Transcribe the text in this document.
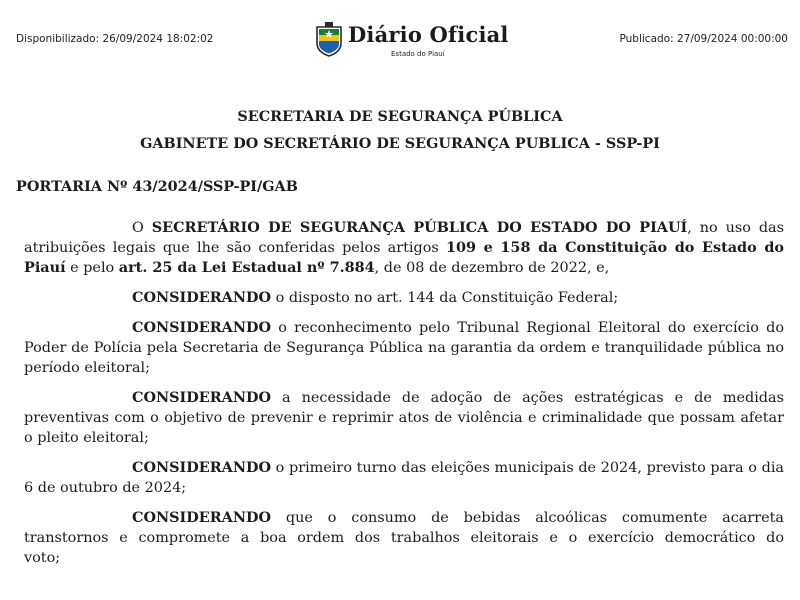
Disponibilizado: 26/09/2024 18:02:02	Diário Oficial
Estado do Piauí
Publicado: 27/09/2024 00:00:00
SECRETARIA DE SEGURANÇA PÚBLICA
GABINETE DO SECRETÁRIO DE SEGURANÇA PUBLICA - SSP-PI
PORTARIA Nº 43/2024/SSP-PI/GAB

O SECRETÁRIO DE SEGURANÇA PÚBLICA DO ESTADO DO PIAUÍ, no uso das atribuições legais que lhe são conferidas pelos artigos 109 e 158 da Constituição do Estado do Piauí e pelo art. 25 da Lei Estadual nº 7.884, de 08 de dezembro de 2022, e,

CONSIDERANDO o disposto no art. 144 da Constituição Federal;

CONSIDERANDO o reconhecimento pelo Tribunal Regional Eleitoral do exercício do Poder de Polícia pela Secretaria de Segurança Pública na garantia da ordem e tranquilidade pública no período eleitoral;

CONSIDERANDO a necessidade de adoção de ações estratégicas e de medidas preventivas com o objetivo de prevenir e reprimir atos de violência e criminalidade que possam afetar o pleito eleitoral;

CONSIDERANDO o primeiro turno das eleições municipais de 2024, previsto para o dia 6 de outubro de 2024;

CONSIDERANDO que o consumo de bebidas alcoólicas comumente acarreta transtornos e compromete a boa ordem dos trabalhos eleitorais e o exercício democrático do voto;
